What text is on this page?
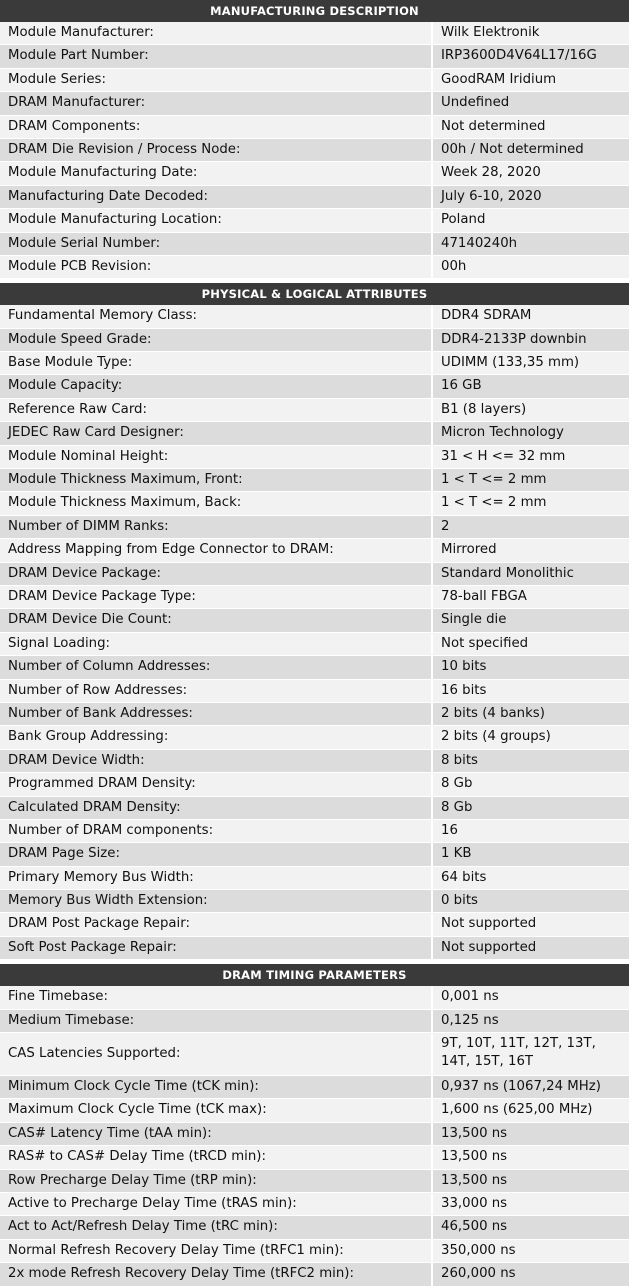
MANUFACTURING DESCRIPTION
Module Manufacturer:	Wilk Elektronik
Module Part Number:	IRP3600D4V64L17/16G
Module Series:	GoodRAM Iridium
DRAM Manufacturer:	Undefined
DRAM Components:	Not determined
DRAM Die Revision / Process Node:	00h / Not determined
Module Manufacturing Date:	Week 28, 2020
Manufacturing Date Decoded:	July 6-10, 2020
Module Manufacturing Location:	Poland
Module Serial Number:	47140240h
Module PCB Revision:	00h
PHYSICAL & LOGICAL ATTRIBUTES
Fundamental Memory Class:	DDR4 SDRAM
Module Speed Grade:	DDR4-2133P downbin
Base Module Type:	UDIMM (133,35 mm)
Module Capacity:	16 GB
Reference Raw Card:	B1 (8 layers)
JEDEC Raw Card Designer:	Micron Technology
Module Nominal Height:	31 < H <= 32 mm
Module Thickness Maximum, Front:	1 < T <= 2 mm
Module Thickness Maximum, Back:	1 < T <= 2 mm
Number of DIMM Ranks:	2
Address Mapping from Edge Connector to DRAM:	Mirrored
DRAM Device Package:	Standard Monolithic
DRAM Device Package Type:	78-ball FBGA
DRAM Device Die Count:	Single die
Signal Loading:	Not specified
Number of Column Addresses:	10 bits
Number of Row Addresses:	16 bits
Number of Bank Addresses:	2 bits (4 banks)
Bank Group Addressing:	2 bits (4 groups)
DRAM Device Width:	8 bits
Programmed DRAM Density:	8 Gb
Calculated DRAM Density:	8 Gb
Number of DRAM components:	16
DRAM Page Size:	1 KB
Primary Memory Bus Width:	64 bits
Memory Bus Width Extension:	0 bits
DRAM Post Package Repair:	Not supported
Soft Post Package Repair:	Not supported
DRAM TIMING PARAMETERS
Fine Timebase:	0,001 ns
Medium Timebase:	0,125 ns
CAS Latencies Supported:
9T, 10T, 11T, 12T, 13T, 14T, 15T, 16T
Minimum Clock Cycle Time (tCK min):	0,937 ns (1067,24 MHz)
Maximum Clock Cycle Time (tCK max):	1,600 ns (625,00 MHz)
CAS# Latency Time (tAA min):	13,500 ns
RAS# to CAS# Delay Time (tRCD min):	13,500 ns
Row Precharge Delay Time (tRP min):	13,500 ns
Active to Precharge Delay Time (tRAS min):	33,000 ns
Act to Act/Refresh Delay Time (tRC min):	46,500 ns
Normal Refresh Recovery Delay Time (tRFC1 min):	350,000 ns
2x mode Refresh Recovery Delay Time (tRFC2 min):	260,000 ns
